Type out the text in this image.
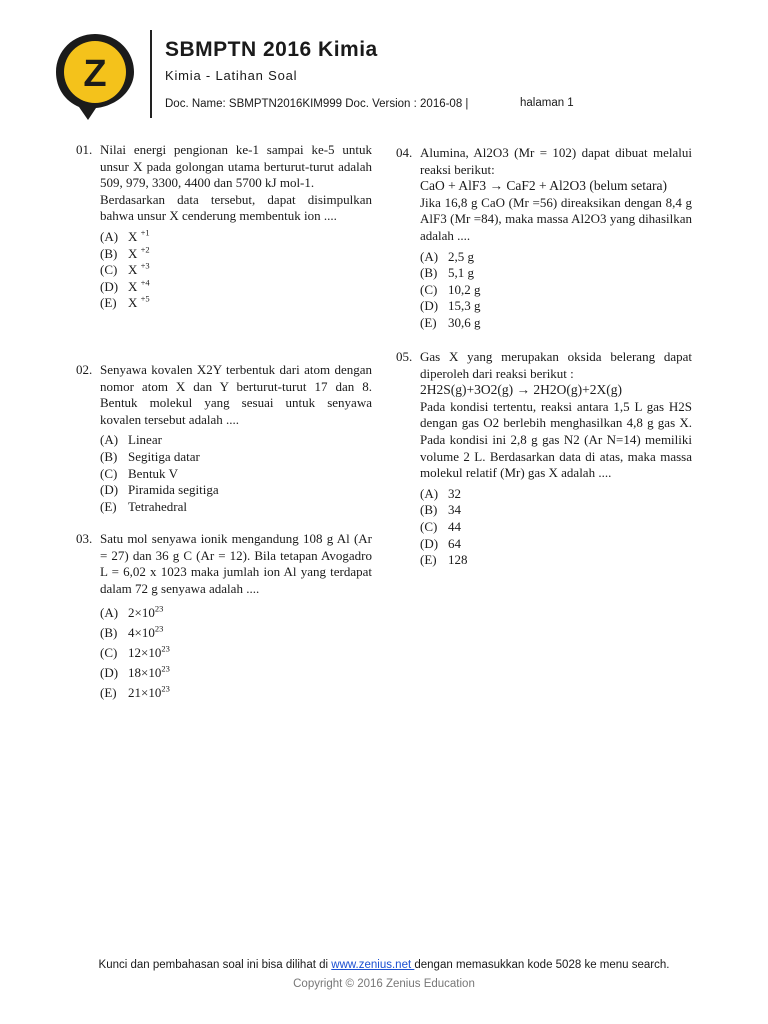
Z
SBMPTN 2016 Kimia
Kimia - Latihan Soal
Doc. Name: SBMPTN2016KIM999 Doc. Version : 2016-08 |	halaman 1
01. Nilai energi pengionan ke-1 sampai ke-5 untuk unsur X pada golongan utama berturut-turut adalah 509, 979, 3300, 4400 dan 5700 kJ mol-1.

Berdasarkan data tersebut, dapat disimpulkan bahwa unsur X cenderung membentuk ion ....

(A) X $^{+1}$
(B) X $^{+2}$
(C) X $^{+3}$
(D) X $^{+4}$
(E) X $^{+5}$
02. Senyawa kovalen X2Y terbentuk dari atom dengan nomor atom X dan Y berturut-turut 17 dan 8. Bentuk molekul yang sesuai untuk senyawa kovalen tersebut adalah ....

(A) Linear
(B) Segitiga datar
(C) Bentuk V
(D) Piramida segitiga
(E) Tetrahedral
03. Satu mol senyawa ionik mengandung 108 g Al (Ar = 27) dan 36 g C (Ar = 12). Bila tetapan Avogadro L = 6,02 x 1023 maka jumlah ion Al yang terdapat dalam 72 g senyawa adalah ....

(A) $2\times 10^{23}$
(B) $4\times 10^{23}$
(C) $12\times 10^{23}$
(D) $18\times 10^{23}$
(E) $21\times 10^{23}$
04. Alumina, Al2O3 (Mr = 102) dapat dibuat melalui reaksi berikut:

CaO + AlF3 → CaF2 + Al2O3 (belum setara)

Jika 16,8 g CaO (Mr =56) direaksikan dengan 8,4 g AlF3 (Mr =84), maka massa Al2O3 yang dihasilkan adalah ....

(A) 2,5 g
(B) 5,1 g
(C) 10,2 g
(D) 15,3 g
(E) 30,6 g
05. Gas X yang merupakan oksida belerang dapat diperoleh dari reaksi berikut :

2H2S(g)+3O2(g) → 2H2O(g)+2X(g)

Pada kondisi tertentu, reaksi antara 1,5 L gas H2S dengan gas O2 berlebih menghasilkan 4,8 g gas X. Pada kondisi ini 2,8 g gas N2 (Ar N=14) memiliki volume 2 L. Berdasarkan data di atas, maka massa molekul relatif (Mr) gas X adalah ....

(A) 32
(B) 34
(C) 44
(D) 64
(E) 128
Kunci dan pembahasan soal ini bisa dilihat di www.zenius.net dengan memasukkan kode 5028 ke menu search.
Copyright © 2016 Zenius Education
